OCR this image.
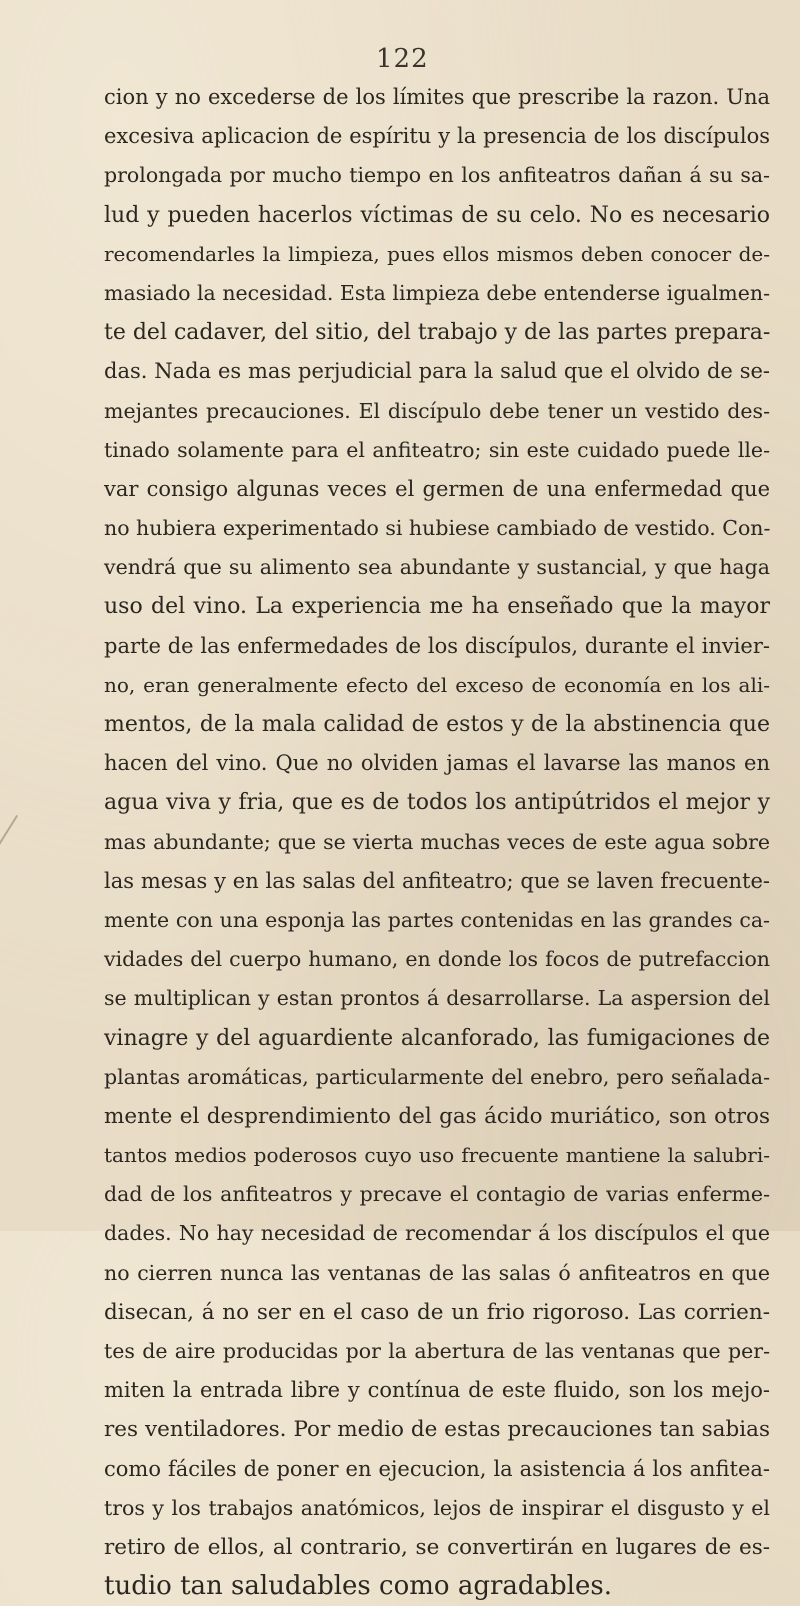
122
cion y no excederse de los límites que prescribe la razon. Una
excesiva aplicacion de espíritu y la presencia de los discípulos
prolongada por mucho tiempo en los anfiteatros dañan á su sa-
lud y pueden hacerlos víctimas de su celo. No es necesario
recomendarles la limpieza, pues ellos mismos deben conocer de-
masiado la necesidad. Esta limpieza debe entenderse igualmen-
te del cadaver, del sitio, del trabajo y de las partes prepara-
das. Nada es mas perjudicial para la salud que el olvido de se-
mejantes precauciones. El discípulo debe tener un vestido des-
tinado solamente para el anfiteatro; sin este cuidado puede lle-
var consigo algunas veces el germen de una enfermedad que
no hubiera experimentado si hubiese cambiado de vestido. Con-
vendrá que su alimento sea abundante y sustancial, y que haga
uso del vino. La experiencia me ha enseñado que la mayor
parte de las enfermedades de los discípulos, durante el invier-
no, eran generalmente efecto del exceso de economía en los ali-
mentos, de la mala calidad de estos y de la abstinencia que
hacen del vino. Que no olviden jamas el lavarse las manos en
agua viva y fria, que es de todos los antipútridos el mejor y
mas abundante; que se vierta muchas veces de este agua sobre
las mesas y en las salas del anfiteatro; que se laven frecuente-
mente con una esponja las partes contenidas en las grandes ca-
vidades del cuerpo humano, en donde los focos de putrefaccion
se multiplican y estan prontos á desarrollarse. La aspersion del
vinagre y del aguardiente alcanforado, las fumigaciones de
plantas aromáticas, particularmente del enebro, pero señalada-
mente el desprendimiento del gas ácido muriático, son otros
tantos medios poderosos cuyo uso frecuente mantiene la salubri-
dad de los anfiteatros y precave el contagio de varias enferme-
dades. No hay necesidad de recomendar á los discípulos el que
no cierren nunca las ventanas de las salas ó anfiteatros en que
disecan, á no ser en el caso de un frio rigoroso. Las corrien-
tes de aire producidas por la abertura de las ventanas que per-
miten la entrada libre y contínua de este fluido, son los mejo-
res ventiladores. Por medio de estas precauciones tan sabias
como fáciles de poner en ejecucion, la asistencia á los anfitea-
tros y los trabajos anatómicos, lejos de inspirar el disgusto y el
retiro de ellos, al contrario, se convertirán en lugares de es-
tudio tan saludables como agradables.
